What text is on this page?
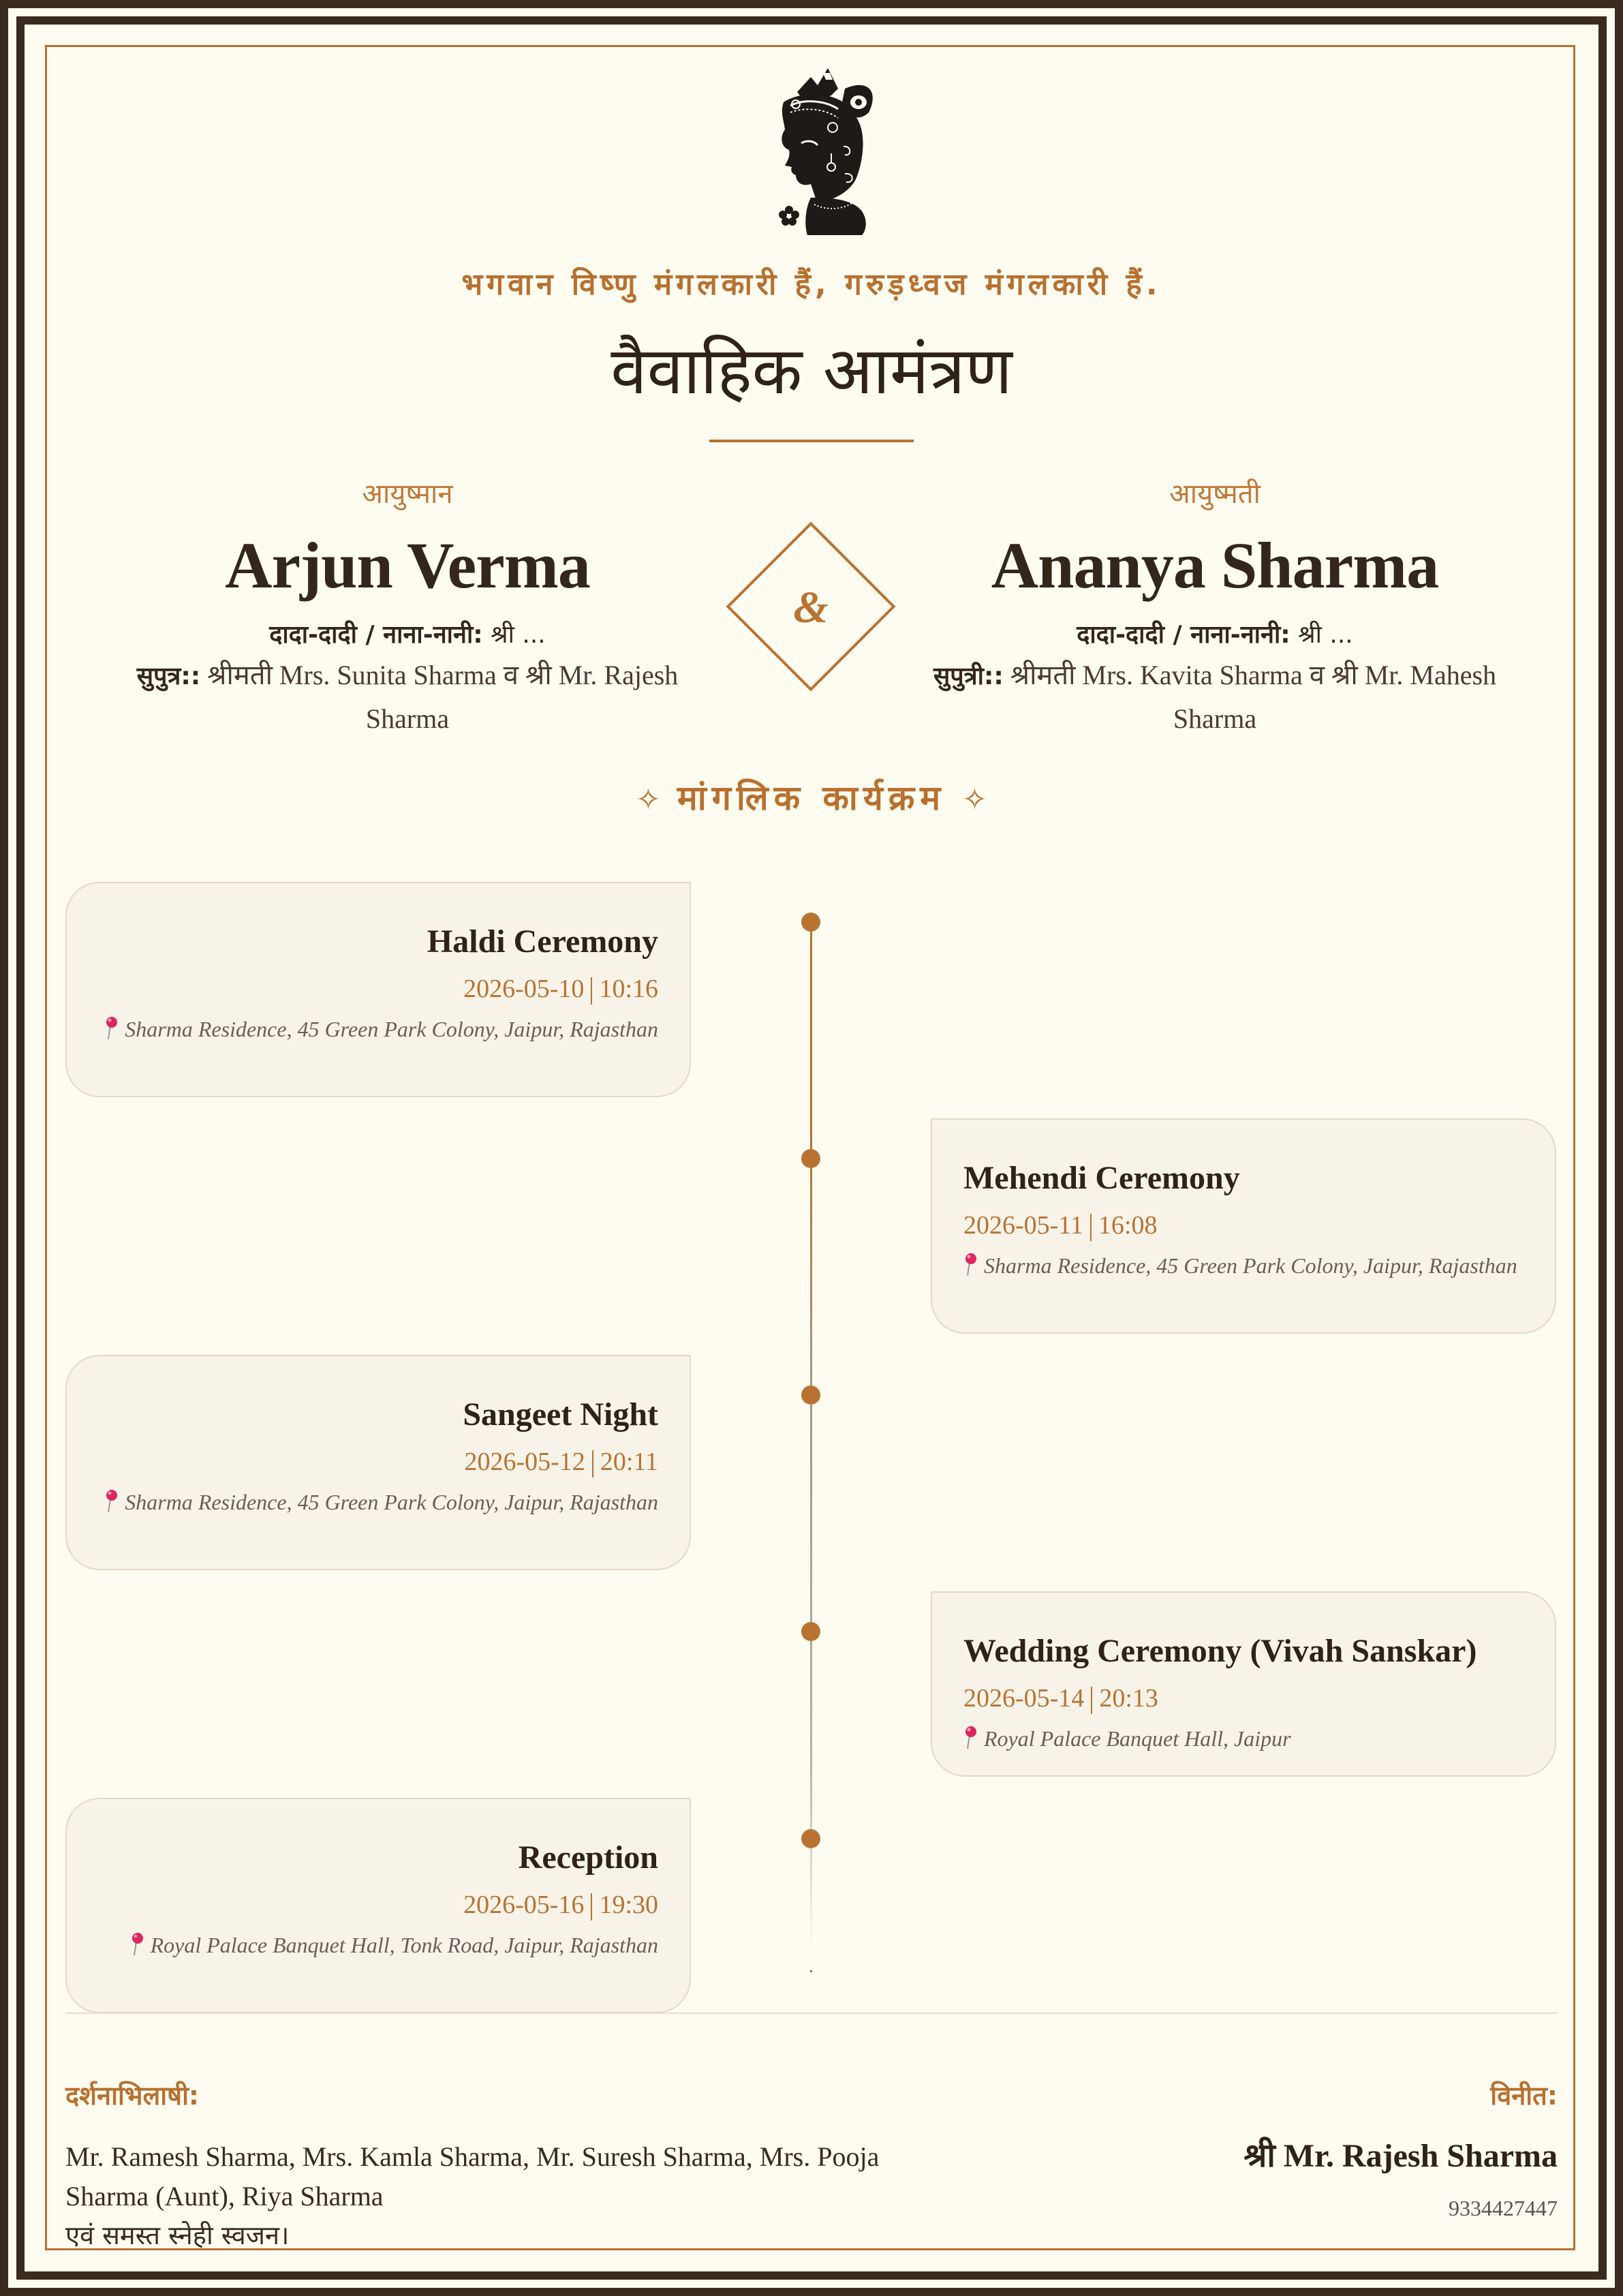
भगवान विष्णु मंगलकारी हैं, गरुड़ध्वज मंगलकारी हैं.
वैवाहिक आमंत्रण
आयुष्मान
Arjun Verma
दादा-दादी / नाना-नानी: श्री ...
सुपुत्र:: श्रीमती Mrs. Sunita Sharma व श्री Mr. Rajesh Sharma
&
आयुष्मती
Ananya Sharma
दादा-दादी / नाना-नानी: श्री ...
सुपुत्री:: श्रीमती Mrs. Kavita Sharma व श्री Mr. Mahesh Sharma
✧ मांगलिक कार्यक्रम ✧
Haldi Ceremony
2026-05-10 10:16
Sharma Residence, 45 Green Park Colony, Jaipur, Rajasthan
Mehendi Ceremony
2026-05-11 16:08
Sharma Residence, 45 Green Park Colony, Jaipur, Rajasthan
Sangeet Night
2026-05-12 20:11
Sharma Residence, 45 Green Park Colony, Jaipur, Rajasthan
Wedding Ceremony (Vivah Sanskar)
2026-05-14 20:13
Royal Palace Banquet Hall, Jaipur
Reception
2026-05-16 19:30
Royal Palace Banquet Hall, Tonk Road, Jaipur, Rajasthan
दर्शनाभिलाषी:
Mr. Ramesh Sharma, Mrs. Kamla Sharma, Mr. Suresh Sharma, Mrs. Pooja Sharma (Aunt), Riya Sharma
एवं समस्त स्नेही स्वजन।
विनीत:
श्री Mr. Rajesh Sharma
9334427447
